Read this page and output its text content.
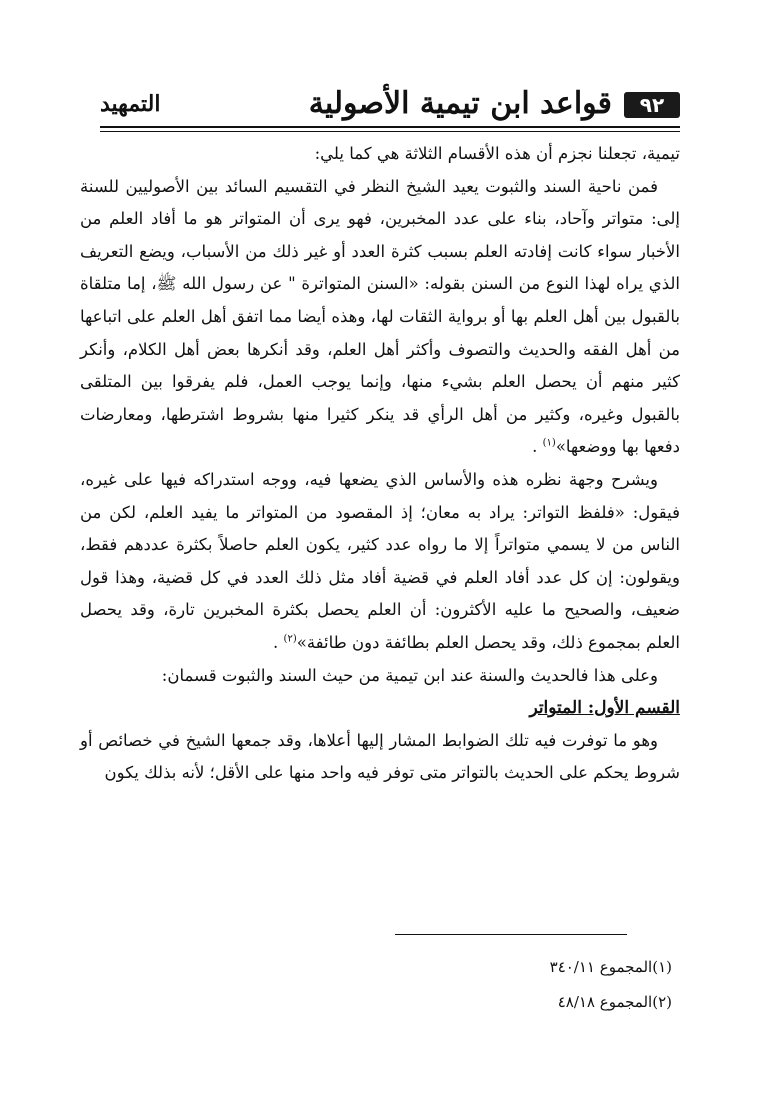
٩٢
قواعد ابن تيمية الأصولية
التمهيد

تيمية، تجعلنا نجزم أن هذه الأقسام الثلاثة هي كما يلي:

فمن ناحية السند والثبوت يعيد الشيخ النظر في التقسيم السائد بين الأصوليين للسنة إلى: متواتر وآحاد، بناء على عدد المخبرين، فهو يرى أن المتواتر هو ما أفاد العلم من الأخبار سواء كانت إفادته العلم بسبب كثرة العدد أو غير ذلك من الأسباب، ويضع التعريف الذي يراه لهذا النوع من السنن بقوله: «السنن المتواترة " عن رسول الله ﷺ، إما متلقاة بالقبول بين أهل العلم بها أو برواية الثقات لها، وهذه أيضا مما اتفق أهل العلم على اتباعها من أهل الفقه والحديث والتصوف وأكثر أهل العلم، وقد أنكرها بعض أهل الكلام، وأنكر كثير منهم أن يحصل العلم بشيء منها، وإنما يوجب العمل، فلم يفرقوا بين المتلقى بالقبول وغيره، وكثير من أهل الرأي قد ينكر كثيرا منها بشروط اشترطها، ومعارضات دفعها بها ووضعها»$^{(١)}$ .

ويشرح وجهة نظره هذه والأساس الذي يضعها فيه، ووجه استدراكه فيها على غيره، فيقول: «فلفظ التواتر: يراد به معان؛ إذ المقصود من المتواتر ما يفيد العلم، لكن من الناس من لا يسمي متواتراً إلا ما رواه عدد كثير، يكون العلم حاصلاً بكثرة عددهم فقط، ويقولون: إن كل عدد أفاد العلم في قضية أفاد مثل ذلك العدد في كل قضية، وهذا قول ضعيف، والصحيح ما عليه الأكثرون: أن العلم يحصل بكثرة المخبرين تارة، وقد يحصل العلم بمجموع ذلك، وقد يحصل العلم بطائفة دون طائفة»$^{(٢)}$ .

وعلى هذا فالحديث والسنة عند ابن تيمية من حيث السند والثبوت قسمان:

القسم الأول: المتواتر

وهو ما توفرت فيه تلك الضوابط المشار إليها أعلاها، وقد جمعها الشيخ في خصائص أو شروط يحكم على الحديث بالتواتر متى توفر فيه واحد منها على الأقل؛ لأنه بذلك يكون

(١)المجموع ٣٤٠/١١
(٢)المجموع ٤٨/١٨
